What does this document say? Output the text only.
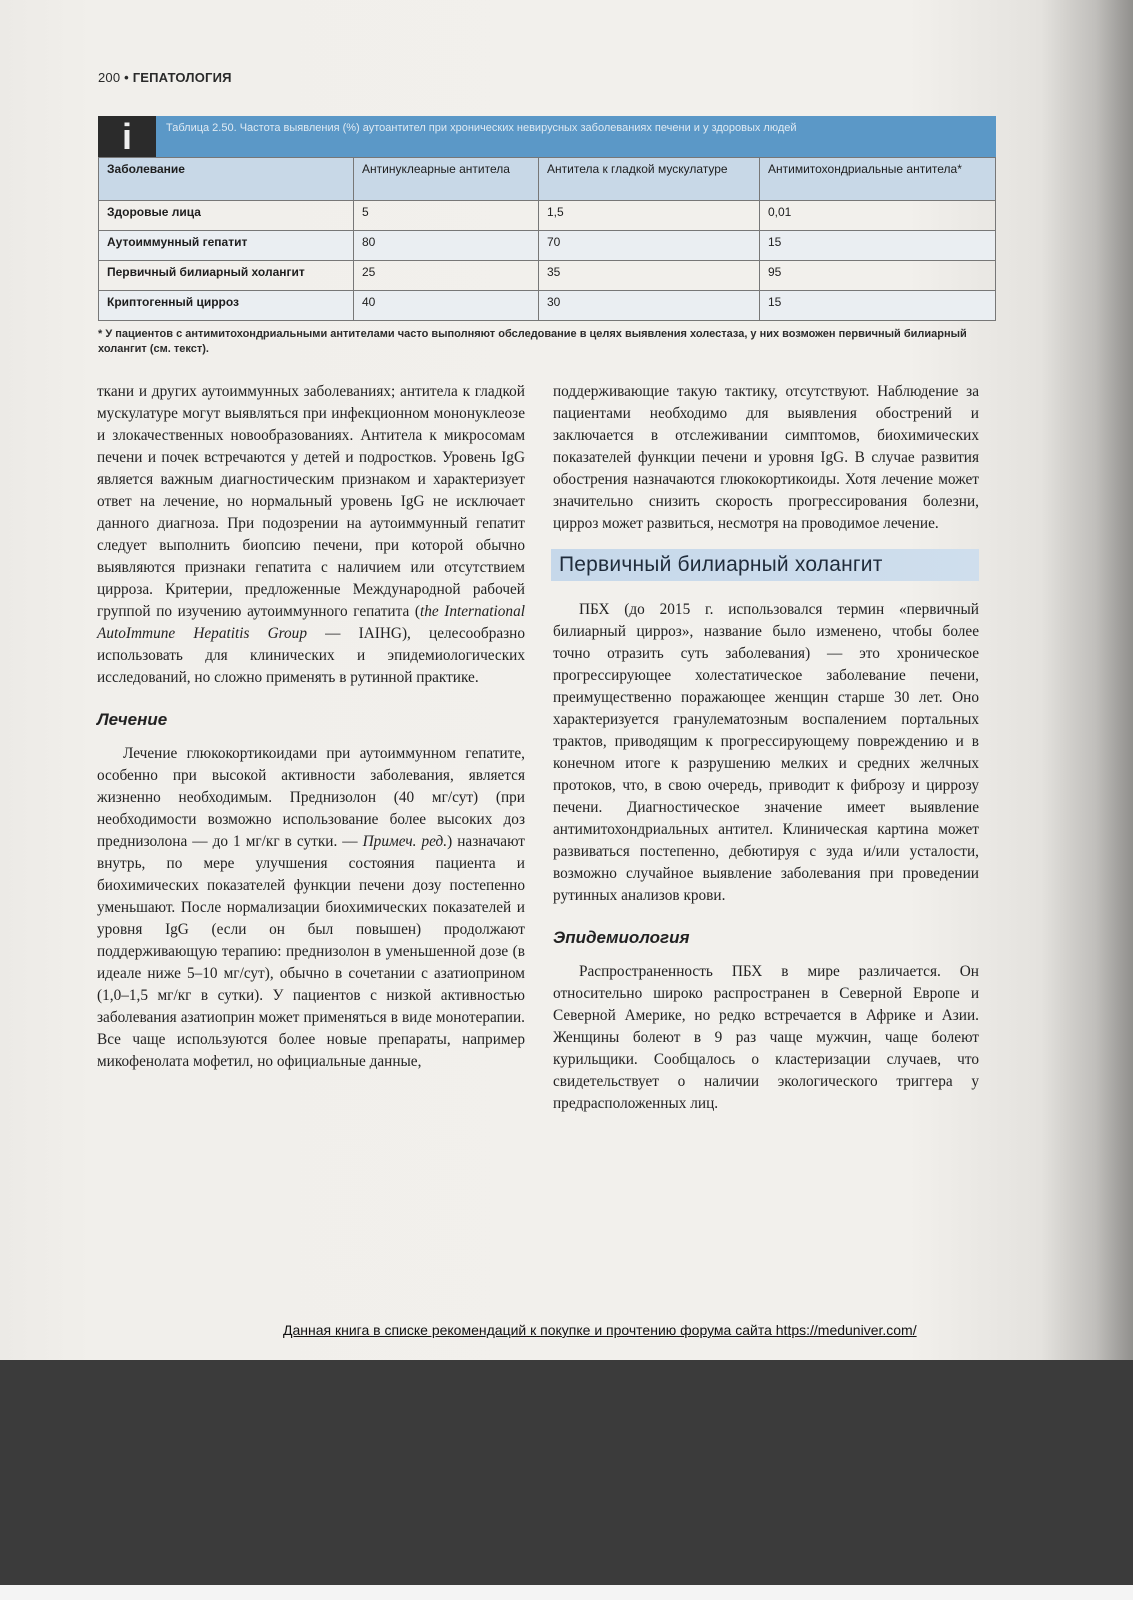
200 • ГЕПАТОЛОГИЯ
i	Таблица 2.50. Частота выявления (%) аутоантител при хронических невирусных заболеваниях печени и у здоровых людей
Заболевание	Антинуклеарные антитела	Антитела к гладкой мускулатуре	Антимитохондриальные антитела*
Здоровые лица	5	1,5	0,01
Аутоиммунный гепатит	80	70	15
Первичный билиарный холангит	25	35	95
Криптогенный цирроз	40	30	15
* У пациентов с антимитохондриальными антителами часто выполняют обследование в целях выявления холестаза, у них возможен первичный билиарный холангит (см. текст).

ткани и других аутоиммунных заболеваниях; антитела к гладкой мускулатуре могут выявляться при инфекционном мононуклеозе и злокачественных новообразованиях. Антитела к микросомам печени и почек встречаются у детей и подростков. Уровень IgG является важным диагностическим признаком и характеризует ответ на лечение, но нормальный уровень IgG не исключает данного диагноза. При подозрении на аутоиммунный гепатит следует выполнить биопсию печени, при которой обычно выявляются признаки гепатита с наличием или отсутствием цирроза. Критерии, предложенные Международной рабочей группой по изучению аутоиммунного гепатита (the International AutoImmune Hepatitis Group — IAIHG), целесообразно использовать для клинических и эпидемиологических исследований, но сложно применять в рутинной практике.

Лечение

Лечение глюкокортикоидами при аутоиммунном гепатите, особенно при высокой активности заболевания, является жизненно необходимым. Преднизолон (40 мг/сут) (при необходимости возможно использование более высоких доз преднизолона — до 1 мг/кг в сутки. — Примеч. ред.) назначают внутрь, по мере улучшения состояния пациента и биохимических показателей функции печени дозу постепенно уменьшают. После нормализации биохимических показателей и уровня IgG (если он был повышен) продолжают поддерживающую терапию: преднизолон в уменьшенной дозе (в идеале ниже 5–10 мг/сут), обычно в сочетании с азатиоприном (1,0–1,5 мг/кг в сутки). У пациентов с низкой активностью заболевания азатиоприн может применяться в виде монотерапии. Все чаще используются более новые препараты, например микофенолата мофетил, но официальные данные,

поддерживающие такую тактику, отсутствуют. Наблюдение за пациентами необходимо для выявления обострений и заключается в отслеживании симптомов, биохимических показателей функции печени и уровня IgG. В случае развития обострения назначаются глюкокортикоиды. Хотя лечение может значительно снизить скорость прогрессирования болезни, цирроз может развиться, несмотря на проводимое лечение.

Первичный билиарный холангит

ПБХ (до 2015 г. использовался термин «первичный билиарный цирроз», название было изменено, чтобы более точно отразить суть заболевания) — это хроническое прогрессирующее холестатическое заболевание печени, преимущественно поражающее женщин старше 30 лет. Оно характеризуется гранулематозным воспалением портальных трактов, приводящим к прогрессирующему повреждению и в конечном итоге к разрушению мелких и средних желчных протоков, что, в свою очередь, приводит к фиброзу и циррозу печени. Диагностическое значение имеет выявление антимитохондриальных антител. Клиническая картина может развиваться постепенно, дебютируя с зуда и/или усталости, возможно случайное выявление заболевания при проведении рутинных анализов крови.

Эпидемиология

Распространенность ПБХ в мире различается. Он относительно широко распространен в Северной Европе и Северной Америке, но редко встречается в Африке и Азии. Женщины болеют в 9 раз чаще мужчин, чаще болеют курильщики. Сообщалось о кластеризации случаев, что свидетельствует о наличии экологического триггера у предрасположенных лиц.

Данная книга в списке рекомендаций к покупке и прочтению форума сайта https://meduniver.com/
